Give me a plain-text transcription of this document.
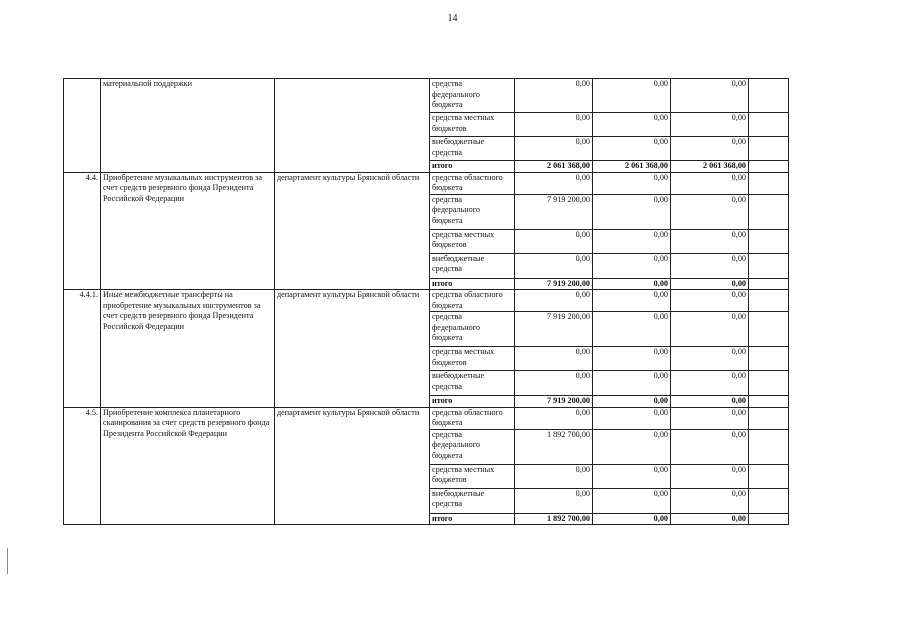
14
	материальной поддержки		средства федерального бюджета	0,00	0,00	0,00	
			средства местных бюджетов	0,00	0,00	0,00	
			внебюджетные средства	0,00	0,00	0,00	
			итого	2 061 368,00	2 061 368,00	2 061 368,00	
4.4.	Приобретение музыкальных инструментов за счет средств резервного фонда Президента Российской Федерации	департамент культуры Брянской области	средства областного бюджета	0,00	0,00	0,00	
			средства федерального бюджета	7 919 200,00	0,00	0,00	
			средства местных бюджетов	0,00	0,00	0,00	
			внебюджетные средства	0,00	0,00	0,00	
			итого	7 919 200,00	0,00	0,00	
4.4.1.	Иные межбюджетные трансферты на приобретение музыкальных инструментов за счет средств резервного фонда Президента Российской Федерации	департамент культуры Брянской области	средства областного бюджета	0,00	0,00	0,00	
			средства федерального бюджета	7 919 200,00	0,00	0,00	
			средства местных бюджетов	0,00	0,00	0,00	
			внебюджетные средства	0,00	0,00	0,00	
			итого	7 919 200,00	0,00	0,00	
4.5.	Приобретение комплекса планетарного сканирования за счет средств резервного фонда Президента Российской Федерации	департамент культуры Брянской области	средства областного бюджета	0,00	0,00	0,00	
			средства федерального бюджета	1 892 700,00	0,00	0,00	
			средства местных бюджетов	0,00	0,00	0,00	
			внебюджетные средства	0,00	0,00	0,00	
			итого	1 892 700,00	0,00	0,00	
